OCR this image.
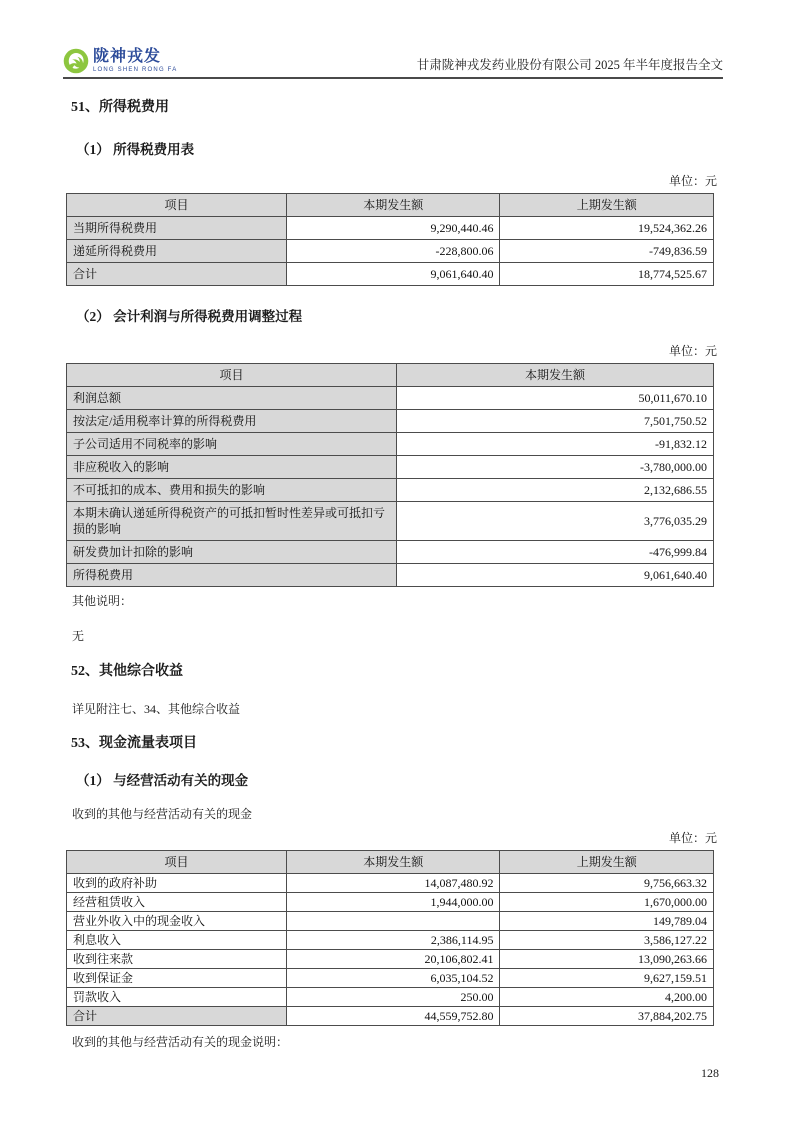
陇神戎发
LONG SHEN RONG FA	甘肃陇神戎发药业股份有限公司 2025 年半年度报告全文
51、所得税费用
（1） 所得税费用表
单位：元
项目	本期发生额	上期发生额
当期所得税费用	9,290,440.46	19,524,362.26
递延所得税费用	-228,800.06	-749,836.59
合计	9,061,640.40	18,774,525.67
（2） 会计利润与所得税费用调整过程
单位：元
项目	本期发生额
利润总额	50,011,670.10
按法定/适用税率计算的所得税费用	7,501,750.52
子公司适用不同税率的影响	-91,832.12
非应税收入的影响	-3,780,000.00
不可抵扣的成本、费用和损失的影响	2,132,686.55
本期未确认递延所得税资产的可抵扣暂时性差异或可抵扣亏损的影响	3,776,035.29
研发费加计扣除的影响	-476,999.84
所得税费用	9,061,640.40
其他说明：
无
52、其他综合收益
详见附注七、34、其他综合收益
53、现金流量表项目
（1） 与经营活动有关的现金
收到的其他与经营活动有关的现金
单位：元
项目	本期发生额	上期发生额
收到的政府补助	14,087,480.92	9,756,663.32
经营租赁收入	1,944,000.00	1,670,000.00
营业外收入中的现金收入		149,789.04
利息收入	2,386,114.95	3,586,127.22
收到往来款	20,106,802.41	13,090,263.66
收到保证金	6,035,104.52	9,627,159.51
罚款收入	250.00	4,200.00
合计	44,559,752.80	37,884,202.75
收到的其他与经营活动有关的现金说明：
128
